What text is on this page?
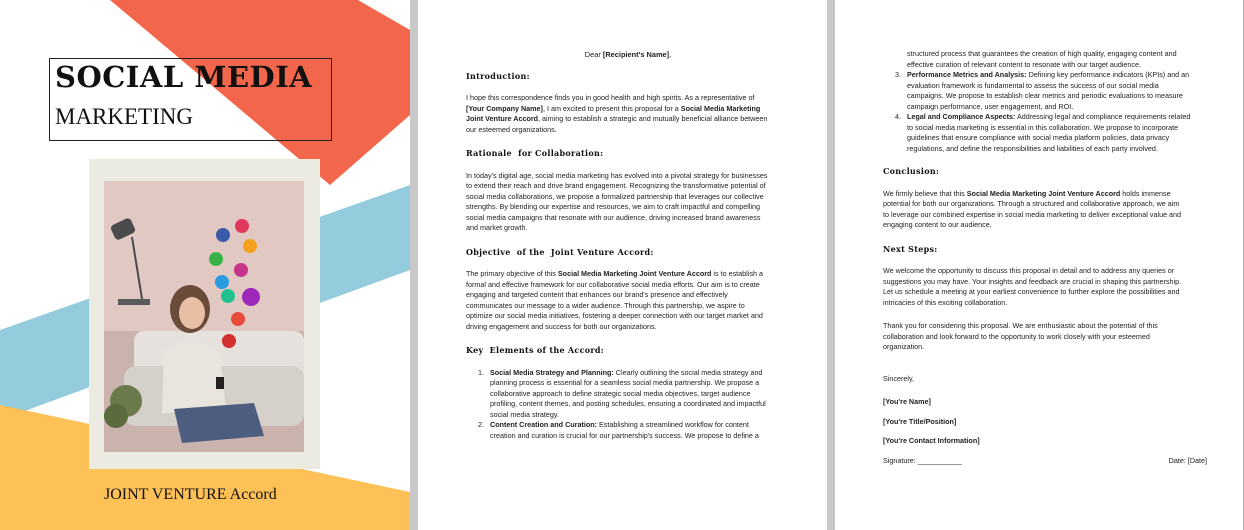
SOCIAL MEDIA
MARKETING
JOINT VENTURE Accord
Dear [Recipient's Name],
Introduction:

I hope this correspondence finds you in good health and high spirits. As a representative of
[Your Company Name], I am excited to present this proposal for a Social Media Marketing
Joint Venture Accord, aiming to establish a strategic and mutually beneficial alliance between
our esteemed organizations.

Rationale  for Collaboration:

In today's digital age, social media marketing has evolved into a pivotal strategy for businesses
to extend their reach and drive brand engagement. Recognizing the transformative potential of
social media collaborations, we propose a formalized partnership that leverages our collective
strengths. By blending our expertise and resources, we aim to craft impactful and compelling
social media campaigns that resonate with our audience, driving increased brand awareness
and market growth.

Objective  of the  Joint Venture Accord:

The primary objective of this Social Media Marketing Joint Venture Accord is to establish a
formal and effective framework for our collaborative social media efforts. Our aim is to create
engaging and targeted content that enhances our brand's presence and effectively
communicates our message to a wider audience. Through this partnership, we aspire to
optimize our social media initiatives, fostering a deeper connection with our target market and
driving engagement and success for both our organizations.

Key  Elements of the Accord:
1. Social Media Strategy and Planning: Clearly outlining the social media strategy and
planning process is essential for a seamless social media partnership. We propose a
collaborative approach to define strategic social media objectives, target audience
profiling, content themes, and posting schedules, ensuring a coordinated and impactful
social media strategy.
2. Content Creation and Curation: Establishing a streamlined workflow for content
creation and curation is crucial for our partnership's success. We propose to define a
structured process that guarantees the creation of high quality, engaging content and
effective curation of relevant content to resonate with our target audience.
3. Performance Metrics and Analysis: Defining key performance indicators (KPIs) and an
evaluation framework is fundamental to assess the success of our social media
campaigns. We propose to establish clear metrics and periodic evaluations to measure
campaign performance, user engagement, and ROI.
4. Legal and Compliance Aspects: Addressing legal and compliance requirements related
to social media marketing is essential in this collaboration. We propose to incorporate
guidelines that ensure compliance with social media platform policies, data privacy
regulations, and define the responsibilities and liabilities of each party involved.
Conclusion:

We firmly believe that this Social Media Marketing Joint Venture Accord holds immense
potential for both our organizations. Through a structured and collaborative approach, we aim
to leverage our combined expertise in social media marketing to deliver exceptional value and
engaging content to our audience.

Next Steps:

We welcome the opportunity to discuss this proposal in detail and to address any queries or
suggestions you may have. Your insights and feedback are crucial in shaping this partnership.
Let us schedule a meeting at your earliest convenience to further explore the possibilities and
intricacies of this exciting collaboration.

Thank you for considering this proposal. We are enthusiastic about the potential of this
collaboration and look forward to the opportunity to work closely with your esteemed
organization.

Sincerely,

[You're Name]

[You're Title/Position]

[You're Contact Information]

Signature: ___________	Date: [Date]
